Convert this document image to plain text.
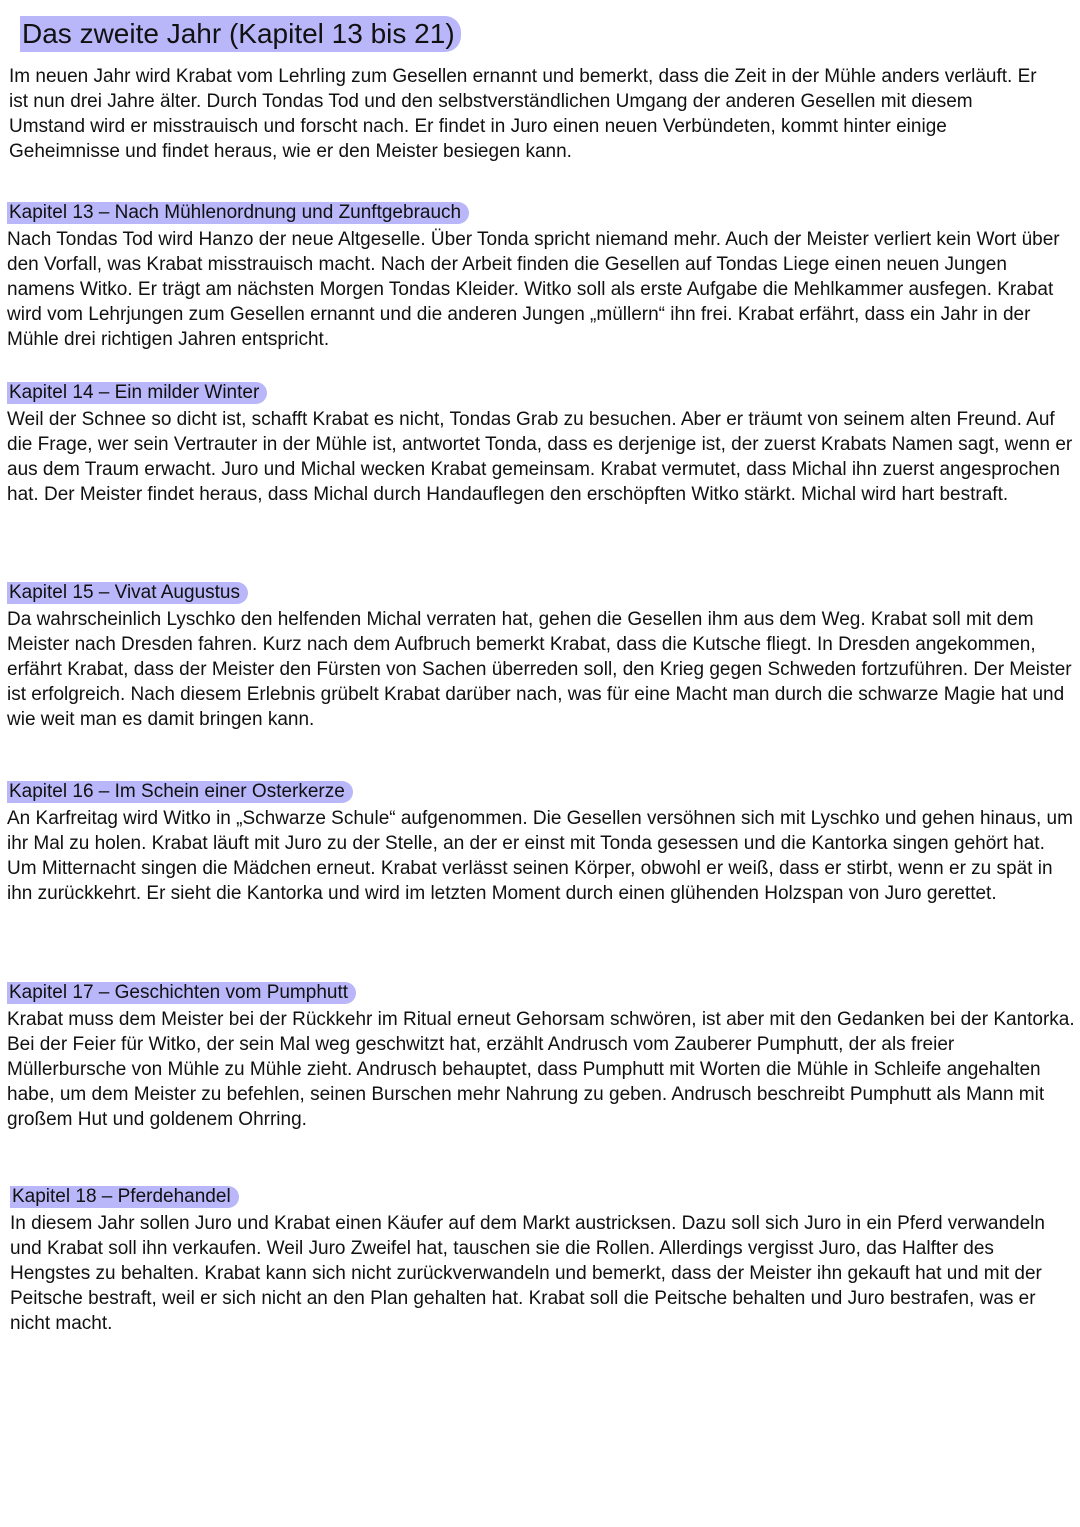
Das zweite Jahr (Kapitel 13 bis 21)

Im neuen Jahr wird Krabat vom Lehrling zum Gesellen ernannt und bemerkt, dass die Zeit in der Mühle anders verläuft. Er ist nun drei Jahre älter. Durch Tondas Tod und den selbstverständlichen Umgang der anderen Gesellen mit diesem Umstand wird er misstrauisch und forscht nach. Er findet in Juro einen neuen Verbündeten, kommt hinter einige Geheimnisse und findet heraus, wie er den Meister besiegen kann.

Kapitel 13 – Nach Mühlenordnung und Zunftgebrauch

Nach Tondas Tod wird Hanzo der neue Altgeselle. Über Tonda spricht niemand mehr. Auch der Meister verliert kein Wort über den Vorfall, was Krabat misstrauisch macht. Nach der Arbeit finden die Gesellen auf Tondas Liege einen neuen Jungen namens Witko. Er trägt am nächsten Morgen Tondas Kleider. Witko soll als erste Aufgabe die Mehlkammer ausfegen. Krabat wird vom Lehrjungen zum Gesellen ernannt und die anderen Jungen „müllern“ ihn frei. Krabat erfährt, dass ein Jahr in der Mühle drei richtigen Jahren entspricht.

Kapitel 14 – Ein milder Winter

Weil der Schnee so dicht ist, schafft Krabat es nicht, Tondas Grab zu besuchen. Aber er träumt von seinem alten Freund. Auf die Frage, wer sein Vertrauter in der Mühle ist, antwortet Tonda, dass es derjenige ist, der zuerst Krabats Namen sagt, wenn er aus dem Traum erwacht. Juro und Michal wecken Krabat gemeinsam. Krabat vermutet, dass Michal ihn zuerst angesprochen hat. Der Meister findet heraus, dass Michal durch Handauflegen den erschöpften Witko stärkt. Michal wird hart bestraft.

Kapitel 15 – Vivat Augustus

Da wahrscheinlich Lyschko den helfenden Michal verraten hat, gehen die Gesellen ihm aus dem Weg. Krabat soll mit dem Meister nach Dresden fahren. Kurz nach dem Aufbruch bemerkt Krabat, dass die Kutsche fliegt. In Dresden angekommen, erfährt Krabat, dass der Meister den Fürsten von Sachen überreden soll, den Krieg gegen Schweden fortzuführen. Der Meister ist erfolgreich. Nach diesem Erlebnis grübelt Krabat darüber nach, was für eine Macht man durch die schwarze Magie hat und wie weit man es damit bringen kann.

Kapitel 16 – Im Schein einer Osterkerze

An Karfreitag wird Witko in „Schwarze Schule“ aufgenommen. Die Gesellen versöhnen sich mit Lyschko und gehen hinaus, um ihr Mal zu holen. Krabat läuft mit Juro zu der Stelle, an der er einst mit Tonda gesessen und die Kantorka singen gehört hat. Um Mitternacht singen die Mädchen erneut. Krabat verlässt seinen Körper, obwohl er weiß, dass er stirbt, wenn er zu spät in ihn zurückkehrt. Er sieht die Kantorka und wird im letzten Moment durch einen glühenden Holzspan von Juro gerettet.

Kapitel 17 – Geschichten vom Pumphutt

Krabat muss dem Meister bei der Rückkehr im Ritual erneut Gehorsam schwören, ist aber mit den Gedanken bei der Kantorka. Bei der Feier für Witko, der sein Mal weg geschwitzt hat, erzählt Andrusch vom Zauberer Pumphutt, der als freier Müllerbursche von Mühle zu Mühle zieht. Andrusch behauptet, dass Pumphutt mit Worten die Mühle in Schleife angehalten habe, um dem Meister zu befehlen, seinen Burschen mehr Nahrung zu geben. Andrusch beschreibt Pumphutt als Mann mit großem Hut und goldenem Ohrring.

Kapitel 18 – Pferdehandel

In diesem Jahr sollen Juro und Krabat einen Käufer auf dem Markt austricksen. Dazu soll sich Juro in ein Pferd verwandeln und Krabat soll ihn verkaufen. Weil Juro Zweifel hat, tauschen sie die Rollen. Allerdings vergisst Juro, das Halfter des Hengstes zu behalten. Krabat kann sich nicht zurückverwandeln und bemerkt, dass der Meister ihn gekauft hat und mit der Peitsche bestraft, weil er sich nicht an den Plan gehalten hat. Krabat soll die Peitsche behalten und Juro bestrafen, was er nicht macht.
